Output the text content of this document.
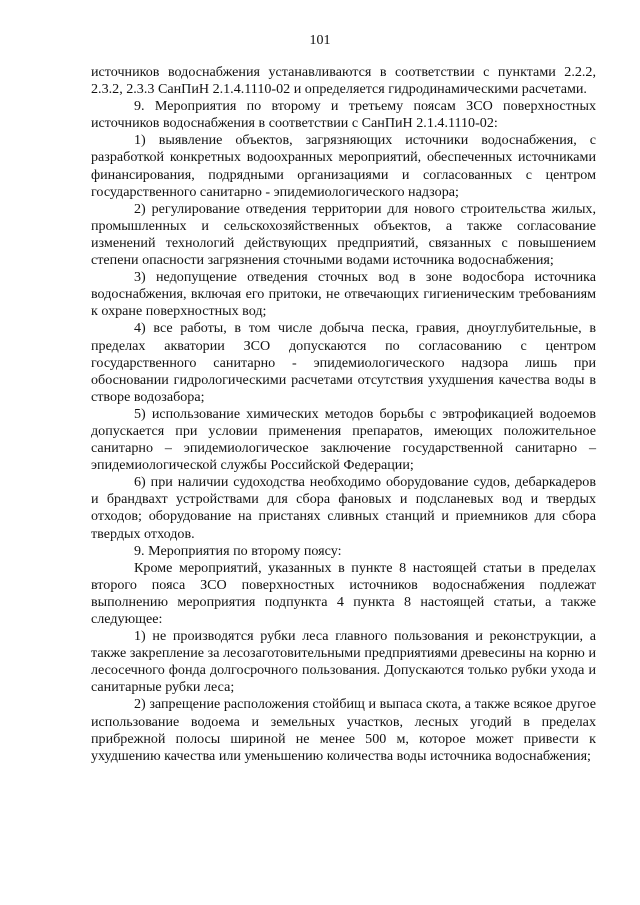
101

источников водоснабжения устанавливаются в соответствии с пунктами 2.2.2, 2.3.2, 2.3.3 СанПиН 2.1.4.1110-02 и определяется гидродинамическими расчетами.

9. Мероприятия по второму и третьему поясам ЗСО поверхностных источников водоснабжения в соответствии с СанПиН 2.1.4.1110-02:

1) выявление объектов, загрязняющих источники водоснабжения, с разработкой конкретных водоохранных мероприятий, обеспеченных источниками финансирования, подрядными организациями и согласованных с центром государственного санитарно - эпидемиологического надзора;

2) регулирование отведения территории для нового строительства жилых, промышленных и сельскохозяйственных объектов, а также согласование изменений технологий действующих предприятий, связанных с повышением степени опасности загрязнения сточными водами источника водоснабжения;

3) недопущение отведения сточных вод в зоне водосбора источника водоснабжения, включая его притоки, не отвечающих гигиеническим требованиям к охране поверхностных вод;

4) все работы, в том числе добыча песка, гравия, дноуглубительные, в пределах акватории ЗСО допускаются по согласованию с центром государственного санитарно - эпидемиологического надзора лишь при обосновании гидрологическими расчетами отсутствия ухудшения качества воды в створе водозабора;

5) использование химических методов борьбы с эвтрофикацией водоемов допускается при условии применения препаратов, имеющих положительное санитарно – эпидемиологическое заключение государственной санитарно – эпидемиологической службы Российской Федерации;

6) при наличии судоходства необходимо оборудование судов, дебаркадеров и брандвахт устройствами для сбора фановых и подсланевых вод и твердых отходов; оборудование на пристанях сливных станций и приемников для сбора твердых отходов.

9. Мероприятия по второму поясу:

Кроме мероприятий, указанных в пункте 8 настоящей статьи в пределах второго пояса ЗСО поверхностных источников водоснабжения подлежат выполнению мероприятия подпункта 4 пункта 8 настоящей статьи, а также следующее:

1) не производятся рубки леса главного пользования и реконструкции, а также закрепление за лесозаготовительными предприятиями древесины на корню и лесосечного фонда долгосрочного пользования. Допускаются только рубки ухода и санитарные рубки леса;

2) запрещение расположения стойбищ и выпаса скота, а также всякое другое использование водоема и земельных участков, лесных угодий в пределах прибрежной полосы шириной не менее 500 м, которое может привести к ухудшению качества или уменьшению количества воды источника водоснабжения;
